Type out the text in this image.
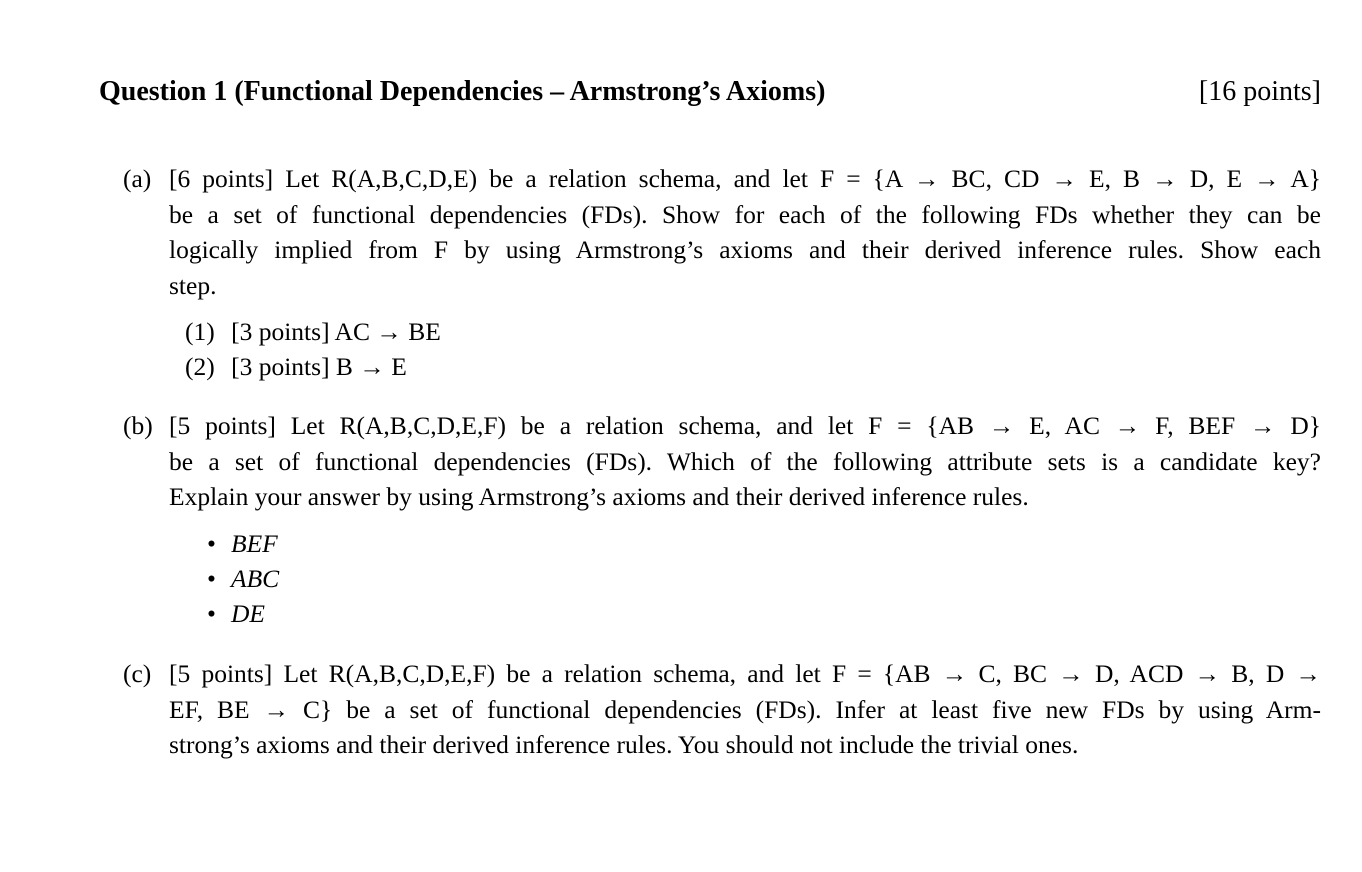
Question 1 (Functional Dependencies – Armstrong’s Axioms)	[16 points]
(a) [6 points] Let R(A,B,C,D,E) be a relation schema, and let F = {A → BC, CD → E, B → D, E → A}
be a set of functional dependencies (FDs). Show for each of the following FDs whether they can be
logically implied from F by using Armstrong’s axioms and their derived inference rules. Show each
step.
(1) [3 points] AC → BE
(2) [3 points] B → E
(b) [5 points] Let R(A,B,C,D,E,F) be a relation schema, and let F = {AB → E, AC → F, BEF → D}
be a set of functional dependencies (FDs). Which of the following attribute sets is a candidate key?
Explain your answer by using Armstrong’s axioms and their derived inference rules.
• BEF
• ABC
• DE
(c) [5 points] Let R(A,B,C,D,E,F) be a relation schema, and let F = {AB → C, BC → D, ACD → B, D →
EF, BE → C} be a set of functional dependencies (FDs). Infer at least five new FDs by using Arm-
strong’s axioms and their derived inference rules. You should not include the trivial ones.
